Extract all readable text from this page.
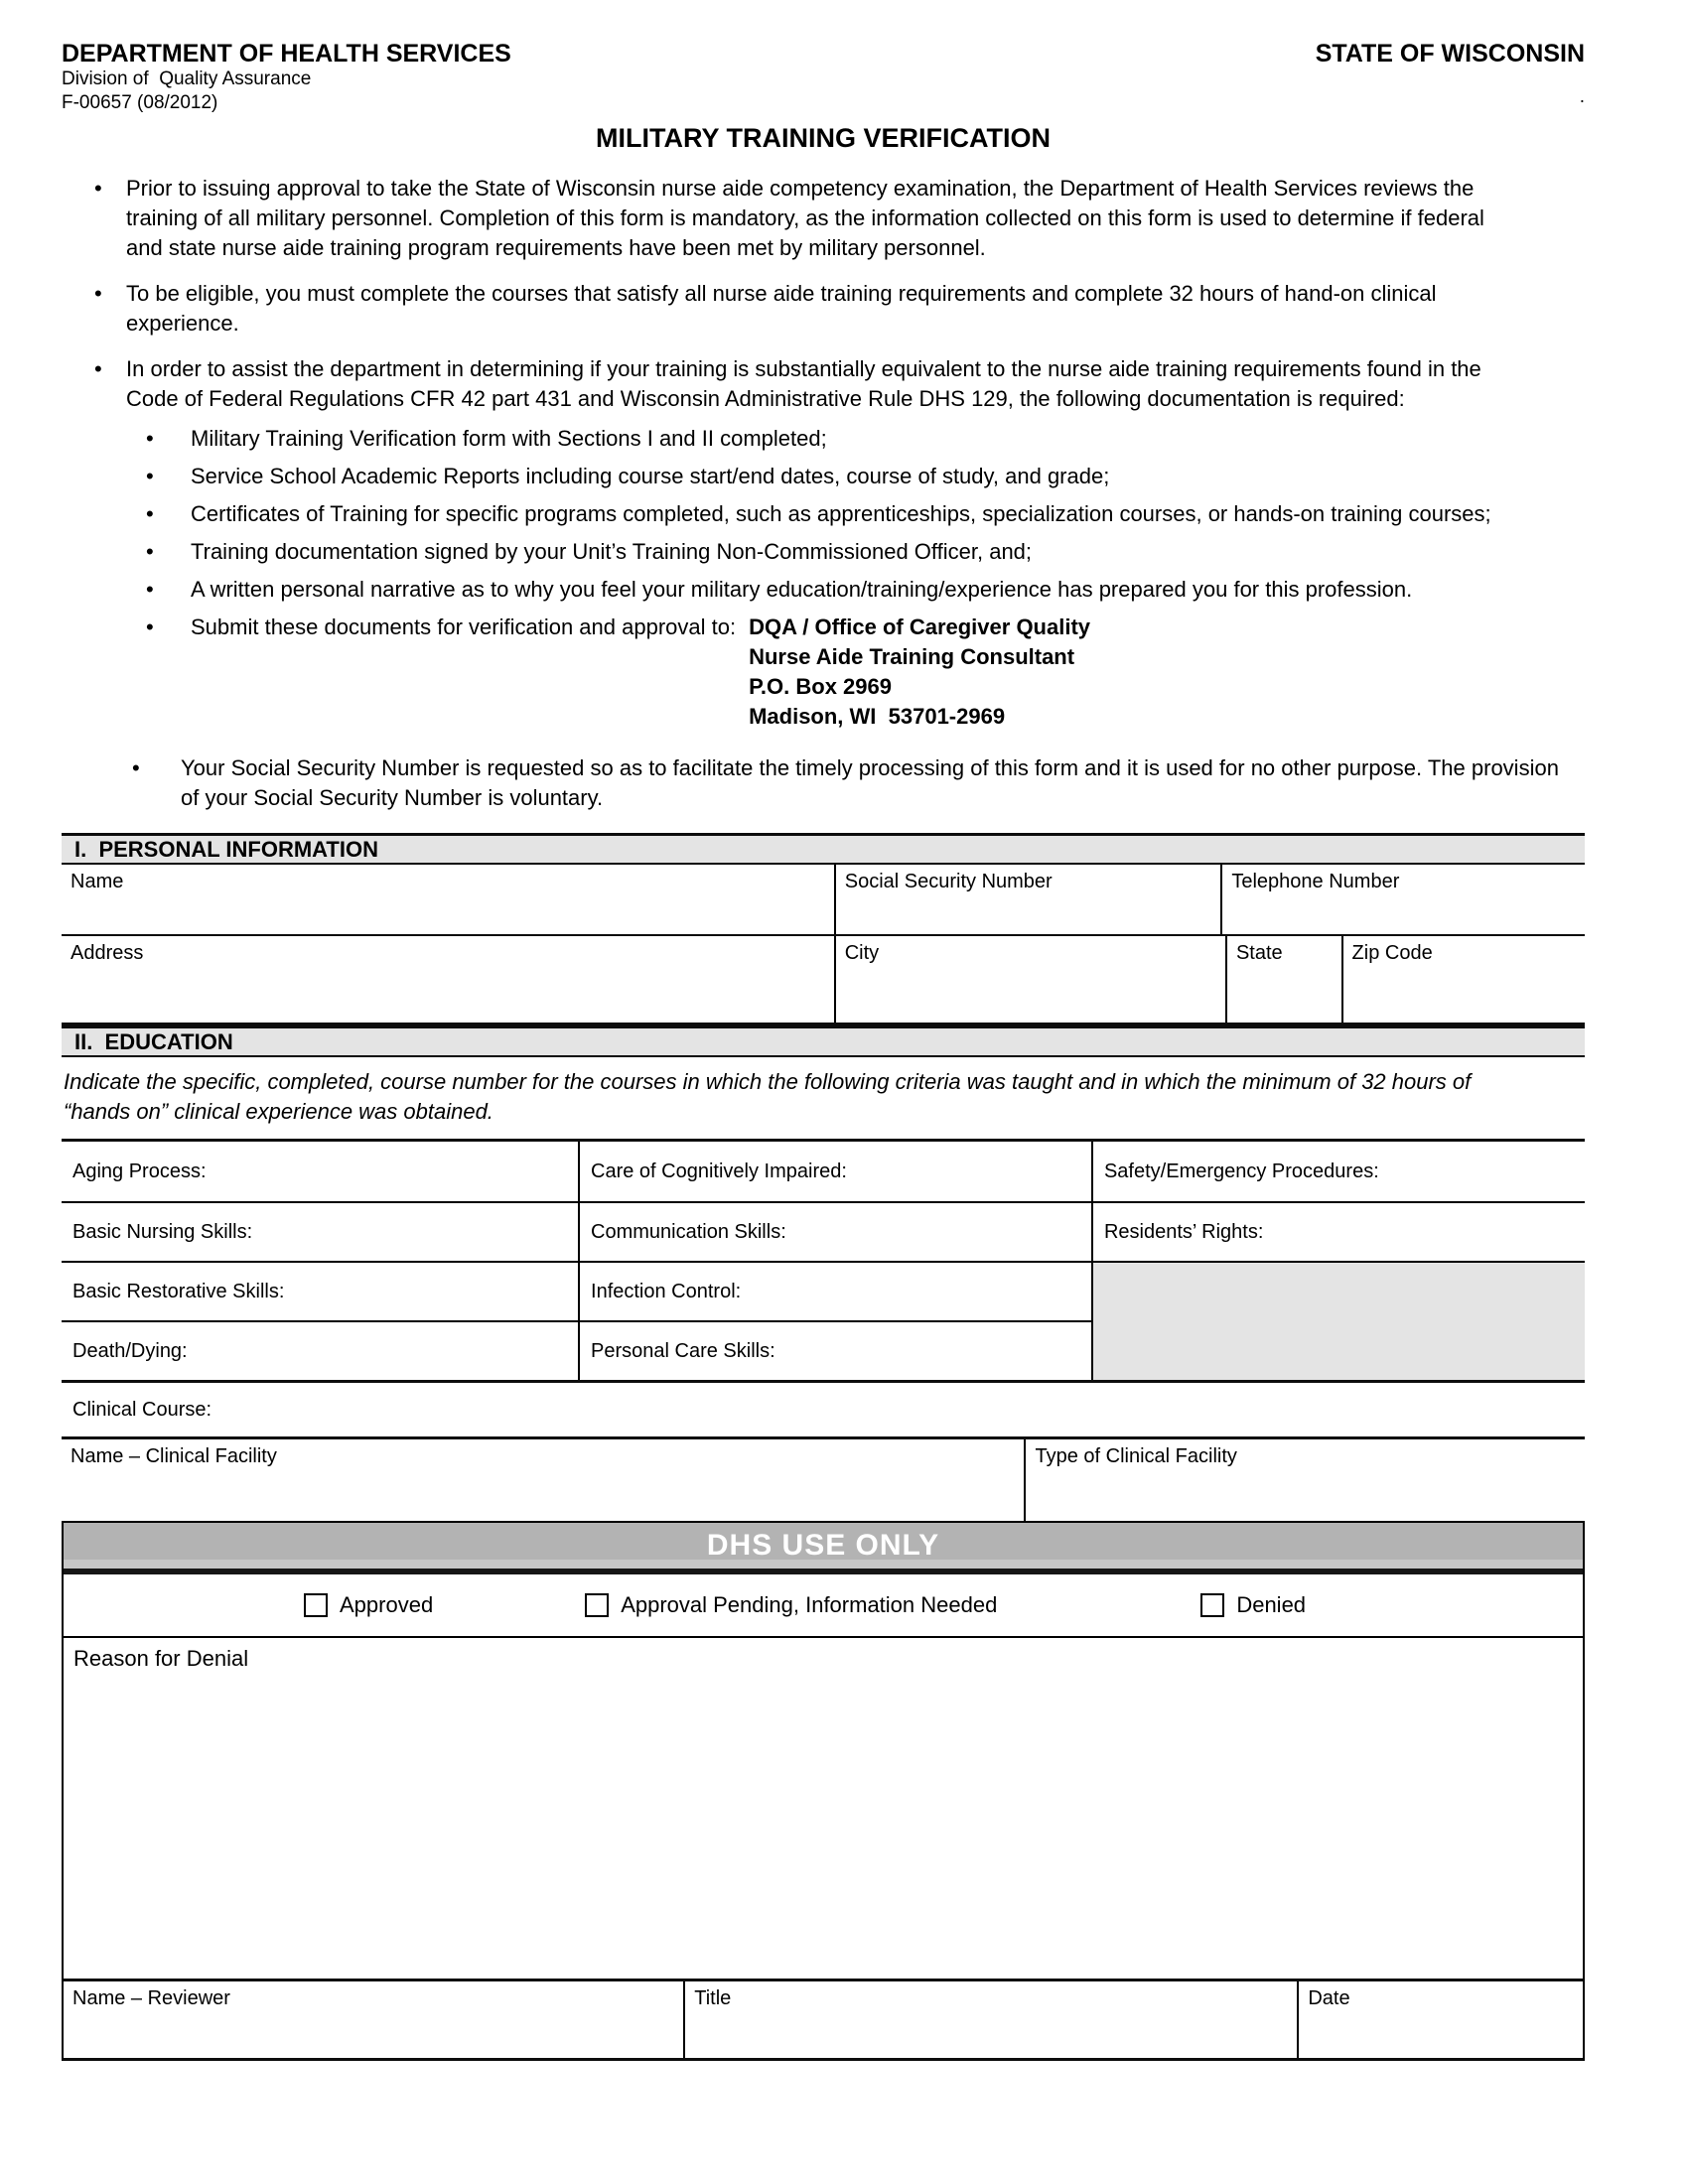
DEPARTMENT OF HEALTH SERVICES
Division of  Quality Assurance
F-00657 (08/2012)
STATE OF WISCONSIN
.
MILITARY TRAINING VERIFICATION
•	Prior to issuing approval to take the State of Wisconsin nurse aide competency examination, the Department of Health Services reviews the training of all military personnel. Completion of this form is mandatory, as the information collected on this form is used to determine if federal and state nurse aide training program requirements have been met by military personnel.
•	To be eligible, you must complete the courses that satisfy all nurse aide training requirements and complete 32 hours of hand-on clinical experience.
•	In order to assist the department in determining if your training is substantially equivalent to the nurse aide training requirements found in the Code of Federal Regulations CFR 42 part 431 and Wisconsin Administrative Rule DHS 129, the following documentation is required:
•	Military Training Verification form with Sections I and II completed;
•	Service School Academic Reports including course start/end dates, course of study, and grade;
•	Certificates of Training for specific programs completed, such as apprenticeships, specialization courses, or hands-on training courses;
•	Training documentation signed by your Unit’s Training Non-Commissioned Officer, and;
•	A written personal narrative as to why you feel your military education/training/experience has prepared you for this profession.
•	Submit these documents for verification and approval to: DQA / Office of Caregiver Quality
Nurse Aide Training Consultant
P.O. Box 2969
Madison, WI  53701-2969
•	Your Social Security Number is requested so as to facilitate the timely processing of this form and it is used for no other purpose. The provision of your Social Security Number is voluntary.
I.  PERSONAL INFORMATION
Name	Social Security Number	Telephone Number
Address	City	State	Zip Code
II.  EDUCATION
Indicate the specific, completed, course number for the courses in which the following criteria was taught and in which the minimum of 32 hours of “hands on” clinical experience was obtained.
Aging Process:	Care of Cognitively Impaired:	Safety/Emergency Procedures:
Basic Nursing Skills:	Communication Skills:	Residents’ Rights:
Basic Restorative Skills:	Infection Control:
Death/Dying:	Personal Care Skills:
Clinical Course:
Name – Clinical Facility	Type of Clinical Facility
DHS USE ONLY
Approved	Approval Pending, Information Needed	Denied
Reason for Denial
Name – Reviewer	Title	Date
